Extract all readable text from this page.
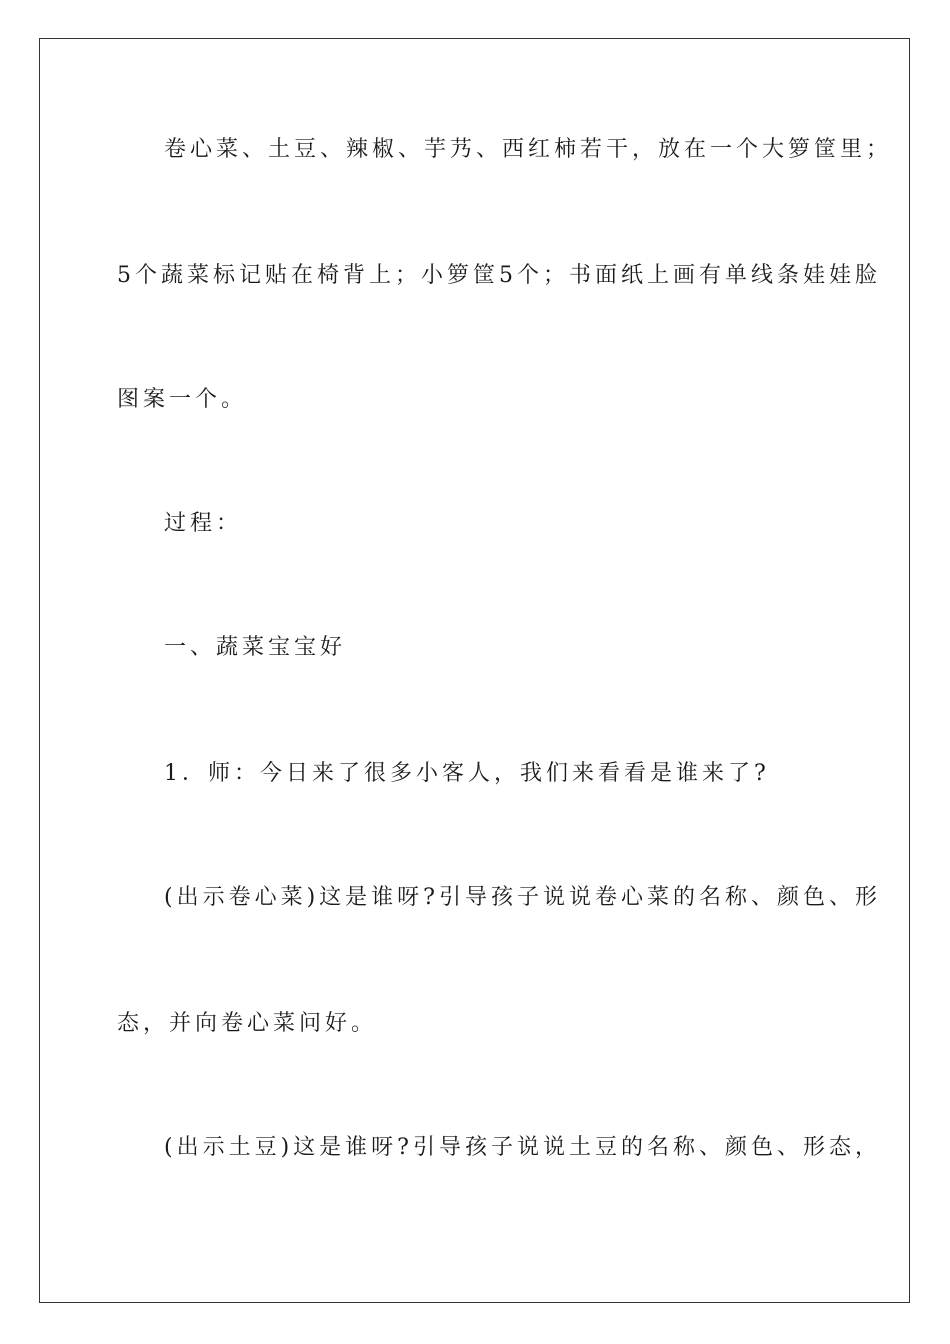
卷心菜、土豆、辣椒、芋艿、西红柿若干，放在一个大箩筐里；

5个蔬菜标记贴在椅背上；小箩筐5个；书面纸上画有单线条娃娃脸

图案一个。

过程：

一、蔬菜宝宝好

1．师：今日来了很多小客人，我们来看看是谁来了?

(出示卷心菜)这是谁呀?引导孩子说说卷心菜的名称、颜色、形

态，并向卷心菜问好。

(出示土豆)这是谁呀?引导孩子说说土豆的名称、颜色、形态，
